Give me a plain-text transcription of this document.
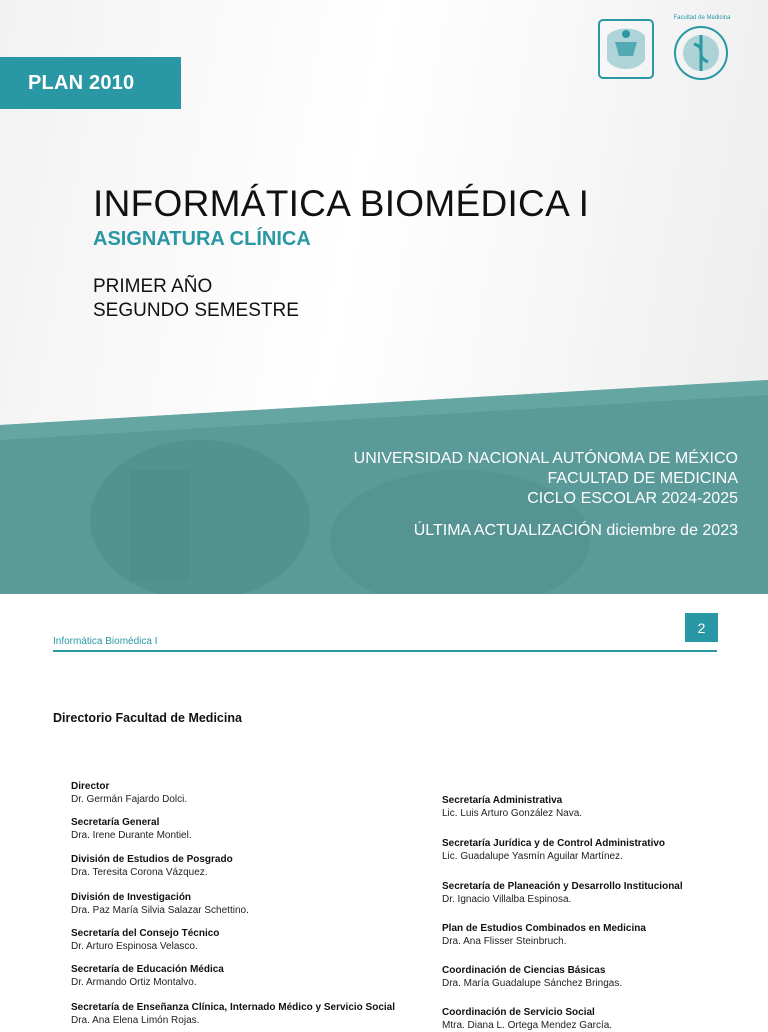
PLAN 2010
Facultad de Medicina
INFORMÁTICA BIOMÉDICA I
ASIGNATURA CLÍNICA
PRIMER AÑO
SEGUNDO SEMESTRE
UNIVERSIDAD NACIONAL AUTÓNOMA DE MÉXICO
FACULTAD DE MEDICINA
CICLO ESCOLAR 2024-2025
ÚLTIMA ACTUALIZACIÓN diciembre de 2023
Informática Biomédica I
2
Directorio Facultad de Medicina
Director
Dr. Germán Fajardo Dolci.
Secretaría General
Dra. Irene Durante Montiel.
División de Estudios de Posgrado
Dra. Teresita Corona Vázquez.
División de Investigación
Dra. Paz María Silvia Salazar Schettino.
Secretaría del Consejo Técnico
Dr. Arturo Espinosa Velasco.
Secretaría de Educación Médica
Dr. Armando Ortiz Montalvo.
Secretaría de Enseñanza Clínica, Internado Médico y Servicio Social
Dra. Ana Elena Limón Rojas.
Secretaría Administrativa
Lic. Luis Arturo González Nava.
Secretaría Jurídica y de Control Administrativo
Lic. Guadalupe Yasmín Aguilar Martínez.
Secretaría de Planeación y Desarrollo Institucional
Dr. Ignacio Villalba Espinosa.
Plan de Estudios Combinados en Medicina
Dra. Ana Flisser Steinbruch.
Coordinación de Ciencias Básicas
Dra. María Guadalupe Sánchez Bringas.
Coordinación de Servicio Social
Mtra. Diana L. Ortega Mendez García.
